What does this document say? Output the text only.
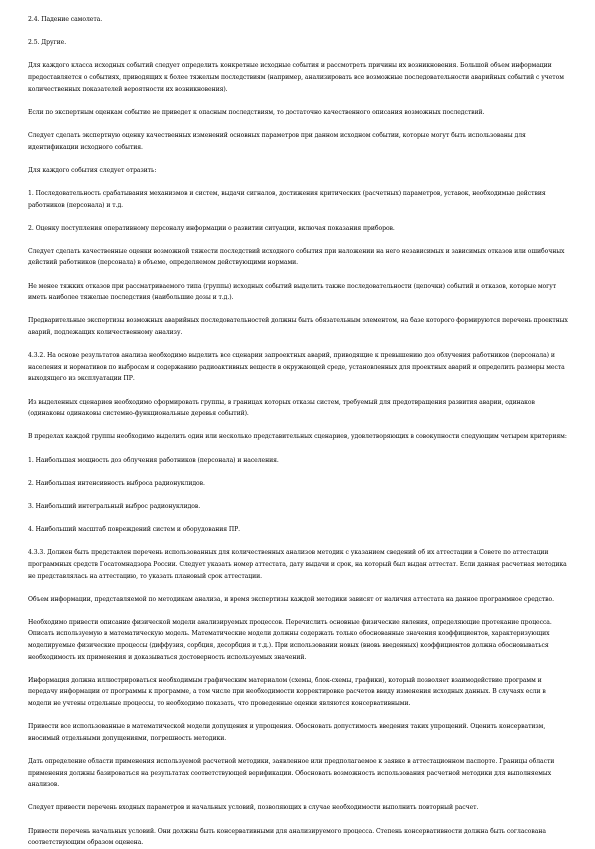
2.4. Падение самолета.

2.5. Другие.

Для каждого класса исходных событий следует определить конкретные исходные события и рассмотреть причины их возникновения. Большой объем информации предоставляется о событиях, приводящих к более тяжелым последствиям (например, анализировать все возможные последовательности аварийных событий с учетом количественных показателей вероятности их возникновения).

Если по экспертным оценкам событие не приведет к опасным последствиям, то достаточно качественного описания возможных последствий.

Следует сделать экспертную оценку качественных изменений основных параметров при данном исходном событии, которые могут быть использованы для идентификации исходного события.

Для каждого события следует отразить:

1. Последовательность срабатывания механизмов и систем, выдачи сигналов, достижения критических (расчетных) параметров, уставок, необходимые действия работников (персонала) и т.д.

2. Оценку поступления оперативному персоналу информации о развитии ситуации, включая показания приборов.

Следует сделать качественные оценки возможной тяжести последствий исходного события при наложении на него независимых и зависимых отказов или ошибочных действий работников (персонала) в объеме, определяемом действующими нормами.

Не менее тяжких отказов при рассматриваемого типа (группы) исходных событий выделить также последовательности (цепочки) событий и отказов, которые могут иметь наиболее тяжелые последствия (наибольшие дозы и т.д.).

Предварительные экспертизы возможных аварийных последовательностей должны быть обязательным элементом, на базе которого формируются перечень проектных аварий, подлежащих количественному анализу.

4.3.2. На основе результатов анализа необходимо выделить все сценарии запроектных аварий, приводящие к превышению доз облучения работников (персонала) и населения и нормативов по выбросам и содержанию радиоактивных веществ в окружающей среде, установленных для проектных аварий и определить размеры места выходящего из эксплуатации ПР.

Из выделенных сценариев необходимо сформировать группы, в границах которых отказы систем, требуемый для предотвращения развития аварии, одинаков (одинаковы одинаковы системно-функциональные деревья событий).

В пределах каждой группы необходимо выделить один или несколько представительных сценариев, удовлетворяющих в совокупности следующим четырем критериям:

1. Наибольшая мощность доз облучения работников (персонала) и населения.

2. Наибольшая интенсивность выброса радионуклидов.

3. Наибольший интегральный выброс радионуклидов.

4. Наибольший масштаб повреждений систем и оборудования ПР.

4.3.3. Должен быть представлен перечень использованных для количественных анализов методик с указанием сведений об их аттестации в Совете по аттестации программных средств Госатомнадзора России. Следует указать номер аттестата, дату выдачи и срок, на который был выдан аттестат. Если данная расчетная методика не представлялась на аттестацию, то указать плановый срок аттестации.

Объем информации, представляемой по методикам анализа, и время экспертизы каждой методики зависят от наличия аттестата на данное программное средство.

Необходимо привести описание физической модели анализируемых процессов. Перечислить основные физические явления, определяющие протекание процесса. Описать используемую в математическую модель. Математические модели должны содержать только обоснованные значения коэффициентов, характеризующих моделируемые физические процессы (диффузия, сорбция, десорбция и т.д.). При использовании новых (вновь введенных) коэффициентов должна обосновываться необходимость их применения и доказываться достоверность используемых значений.

Информация должна иллюстрироваться необходимым графическим материалом (схемы, блок-схемы, графики), который позволяет взаимодействие программ и передачу информации от программы к программе, а том числе при необходимости корректировке расчетов ввиду изменения исходных данных. В случаях если в модели не учтены отдельные процессы, то необходимо показать, что проведенные оценки являются консервативными.

Привести все использованные в математической модели допущения и упрощения. Обосновать допустимость введения таких упрощений. Оценить консерватизм, вносимый отдельными допущениями, погрешность методики.

Дать определение области применения используемой расчетной методики, заявленное или предполагаемое к заявке в аттестационном паспорте. Границы области применения должны базироваться на результатах соответствующей верификации. Обосновать возможность использования расчетной методики для выполняемых анализов.

Следует привести перечень входных параметров и начальных условий, позволяющих в случае необходимости выполнить повторный расчет.

Привести перечень начальных условий. Они должны быть консервативными для анализируемого процесса. Степень консервативности должна быть согласована соответствующим образом оценена.
